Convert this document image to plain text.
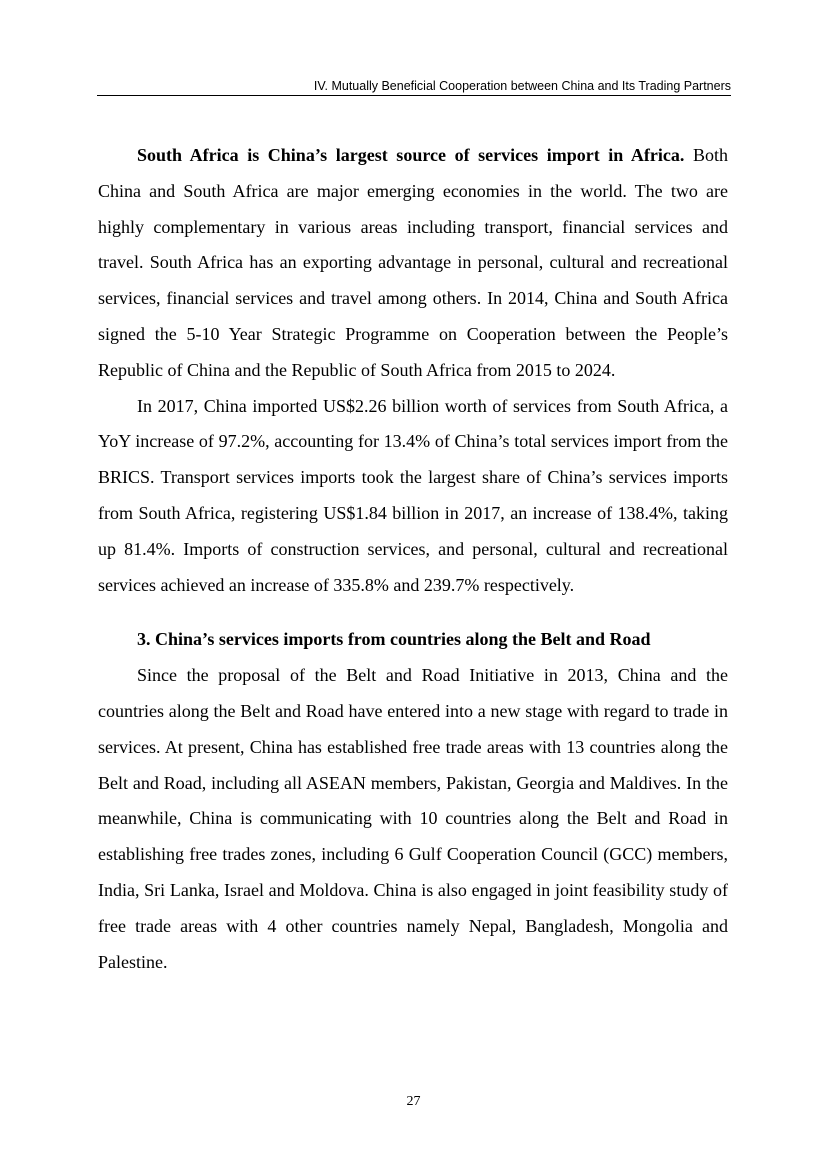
IV. Mutually Beneficial Cooperation between China and Its Trading Partners

South Africa is China’s largest source of services import in Africa. Both China and South Africa are major emerging economies in the world. The two are highly complementary in various areas including transport, financial services and travel. South Africa has an exporting advantage in personal, cultural and recreational services, financial services and travel among others. In 2014, China and South Africa signed the 5-10 Year Strategic Programme on Cooperation between the People’s Republic of China and the Republic of South Africa from 2015 to 2024.

In 2017, China imported US$2.26 billion worth of services from South Africa, a YoY increase of 97.2%, accounting for 13.4% of China’s total services import from the BRICS. Transport services imports took the largest share of China’s services imports from South Africa, registering US$1.84 billion in 2017, an increase of 138.4%, taking up 81.4%. Imports of construction services, and personal, cultural and recreational services achieved an increase of 335.8% and 239.7% respectively.

3. China’s services imports from countries along the Belt and Road

Since the proposal of the Belt and Road Initiative in 2013, China and the countries along the Belt and Road have entered into a new stage with regard to trade in services. At present, China has established free trade areas with 13 countries along the Belt and Road, including all ASEAN members, Pakistan, Georgia and Maldives. In the meanwhile, China is communicating with 10 countries along the Belt and Road in establishing free trades zones, including 6 Gulf Cooperation Council (GCC) members, India, Sri Lanka, Israel and Moldova. China is also engaged in joint feasibility study of free trade areas with 4 other countries namely Nepal, Bangladesh, Mongolia and Palestine.

27
